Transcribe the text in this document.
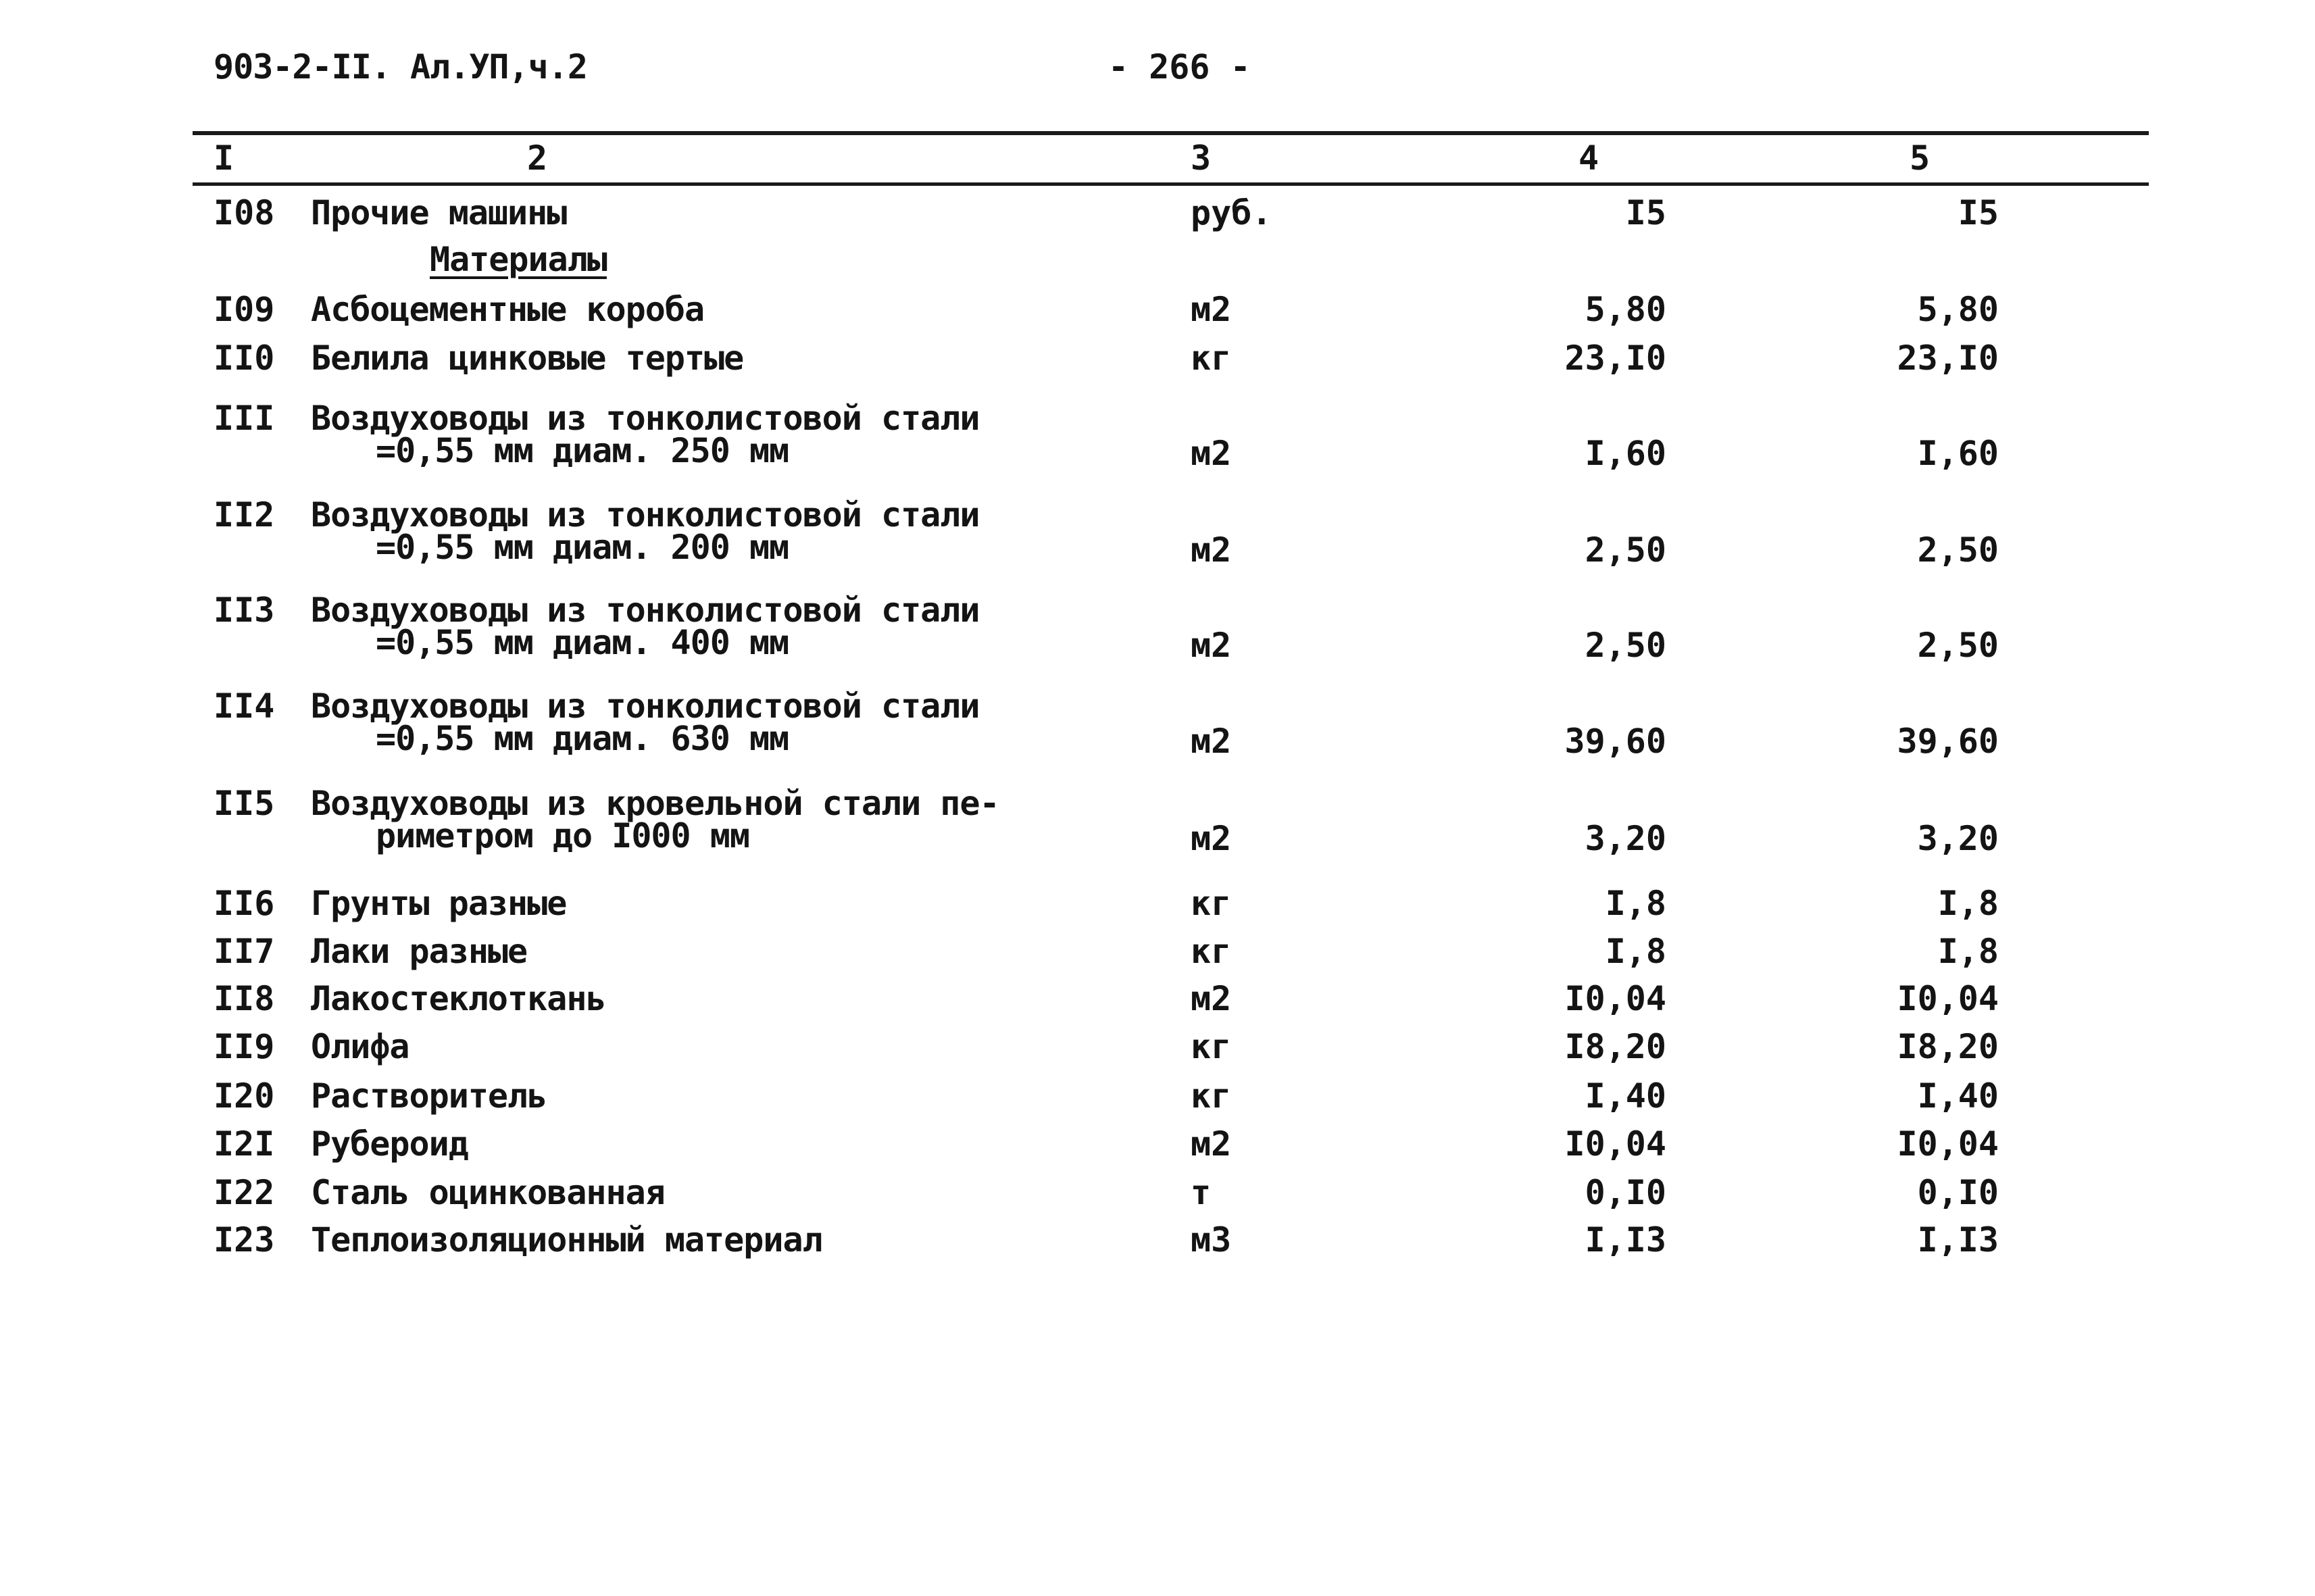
903-2-II. Ал.УП,ч.2	- 266 -
I	2	3	4	5
Материалы
I08 Прочие машины	руб.	I5	I5
I09 Асбоцементные короба	м2	5,80	5,80
II0 Белила цинковые тертые	кг	23,I0	23,I0
III Воздуховоды из тонколистовой стали
=0,55 мм диам. 250 мм	м2	I,60	I,60
II2 Воздуховоды из тонколистовой стали
=0,55 мм диам. 200 мм	м2	2,50	2,50
II3 Воздуховоды из тонколистовой стали
=0,55 мм диам. 400 мм	м2	2,50	2,50
II4 Воздуховоды из тонколистовой стали
=0,55 мм диам. 630 мм	м2	39,60	39,60
II5 Воздуховоды из кровельной стали пе-
риметром до I000 мм	м2	3,20	3,20
II6 Грунты разные	кг	I,8	I,8
II7 Лаки разные	кг	I,8	I,8
II8 Лакостеклоткань	м2	I0,04	I0,04
II9 Олифа	кг	I8,20	I8,20
I20 Растворитель	кг	I,40	I,40
I2I Рубероид	м2	I0,04	I0,04
I22 Сталь оцинкованная	т	0,I0	0,I0
I23 Теплоизоляционный материал	м3	I,I3	I,I3
